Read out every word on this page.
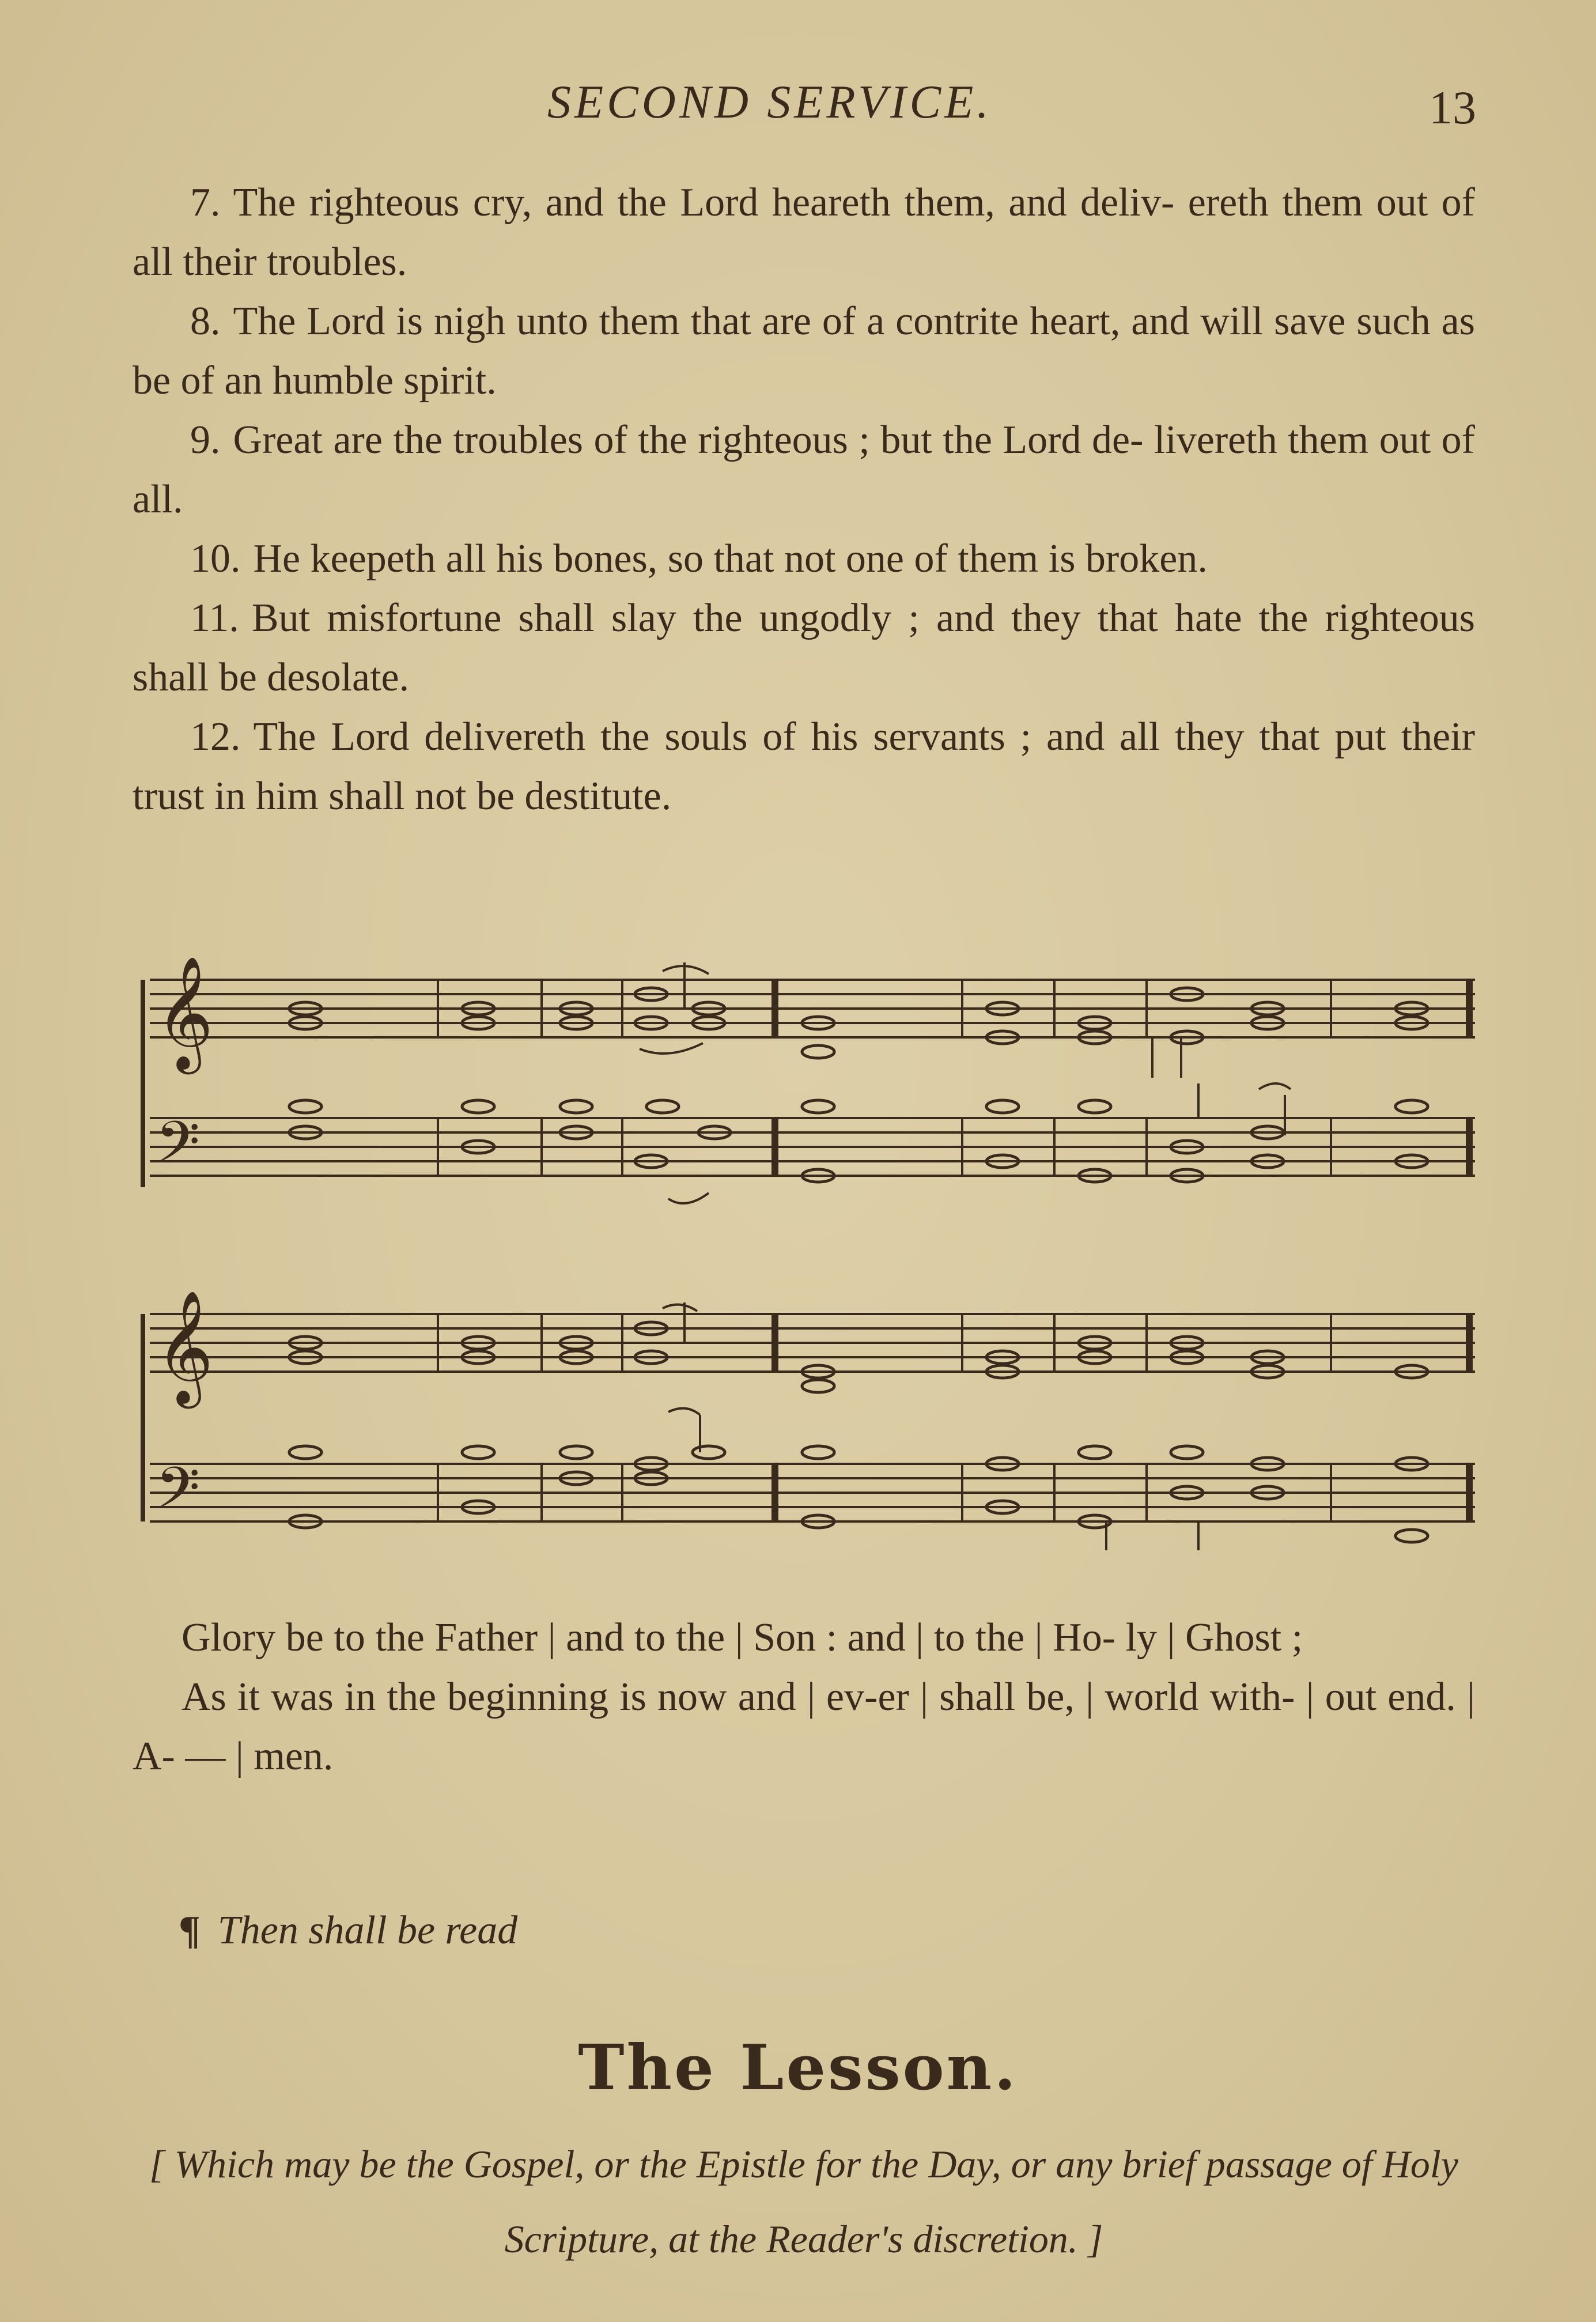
SECOND SERVICE.	13

7. The righteous cry, and the Lord heareth them, and deliv- ereth them out of all their troubles.

8. The Lord is nigh unto them that are of a contrite heart, and will save such as be of an humble spirit.

9. Great are the troubles of the righteous ; but the Lord de- livereth them out of all.

10. He keepeth all his bones, so that not one of them is broken.

11. But misfortune shall slay the ungodly ; and they that hate the righteous shall be desolate.

12. The Lord delivereth the souls of his servants ; and all they that put their trust in him shall not be destitute.

𝄞
𝄢
𝄞
𝄢

Glory be to the Father | and to the | Son : and | to the | Ho- ly | Ghost ;

As it was in the beginning is now and | ev-er | shall be, | world with- | out end. | A- — | men.

¶ Then shall be read
The Lesson.
[ Which may be the Gospel, or the Epistle for the Day, or any brief passage of Holy Scripture, at the Reader's discretion. ]
